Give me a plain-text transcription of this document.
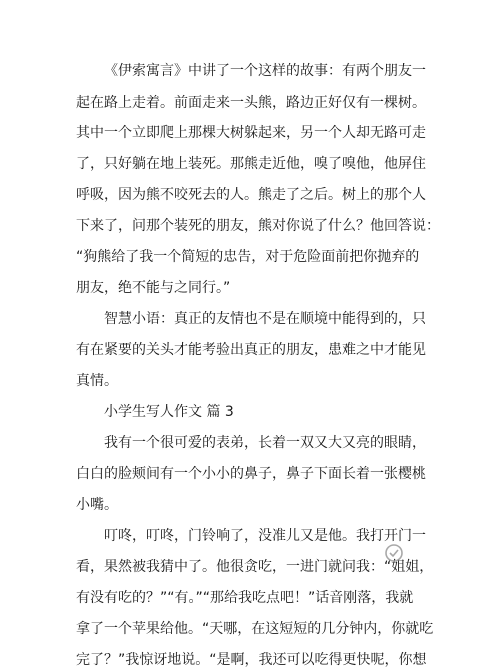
《伊索寓言》中讲了一个这样的故事：有两个朋友一
起在路上走着。前面走来一头熊，路边正好仅有一棵树。
其中一个立即爬上那棵大树躲起来，另一个人却无路可走
了，只好躺在地上装死。那熊走近他，嗅了嗅他，他屏住
呼吸，因为熊不咬死去的人。熊走了之后。树上的那个人
下来了，问那个装死的朋友，熊对你说了什么？他回答说：
“狗熊给了我一个简短的忠告，对于危险面前把你抛弃的
朋友，绝不能与之同行。”
智慧小语：真正的友情也不是在顺境中能得到的，只
有在紧要的关头才能考验出真正的朋友，患难之中才能见
真情。
小学生写人作文 篇 3
我有一个很可爱的表弟，长着一双又大又亮的眼睛，
白白的脸颊间有一个小小的鼻子，鼻子下面长着一张樱桃
小嘴。
叮咚，叮咚，门铃响了，没准儿又是他。我打开门一
看，果然被我猜中了。他很贪吃，一进门就问我：“姐姐，
有没有吃的？”“有。”“那给我吃点吧！”话音刚落，我就
拿了一个苹果给他。“天哪，在这短短的几分钟内，你就吃
完了？”我惊讶地说。“是啊，我还可以吃得更快呢，你想
